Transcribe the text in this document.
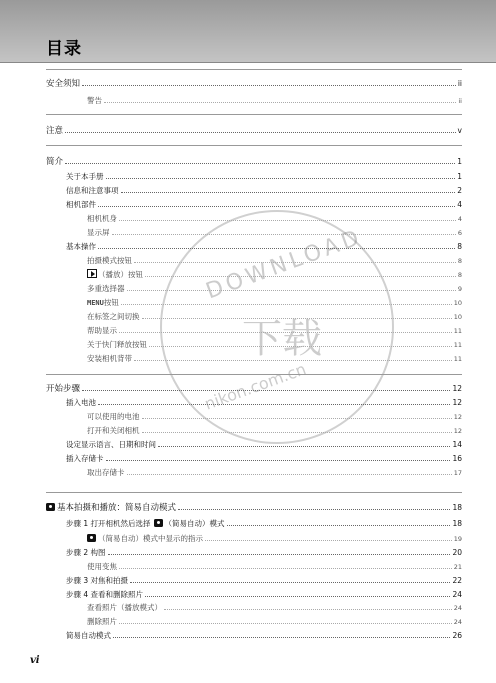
目录
DOWNLOAD
下载
nikon.com.cn
安全须知	ii
警告	ii
注意	v
简介	1
关于本手册	1
信息和注意事项	2
相机部件	4
相机机身	4
显示屏	6
基本操作	8
拍摄模式按钮	8
（播放）按钮	8
多重选择器	9
MENU按钮	10
在标签之间切换	10
帮助显示	11
关于快门释放按钮	11
安装相机背带	11
开始步骤	12
插入电池	12
可以使用的电池	12
打开和关闭相机	12
设定显示语言、日期和时间	14
插入存储卡	16
取出存储卡	17
基本拍摄和播放：简易自动模式	18
步骤 1 打开相机然后选择 （简易自动）模式	18
（简易自动）模式中显示的指示	19
步骤 2 构图	20
使用变焦	21
步骤 3 对焦和拍摄	22
步骤 4 查看和删除照片	24
查看照片（播放模式）	24
删除照片	24
简易自动模式	26
vi
